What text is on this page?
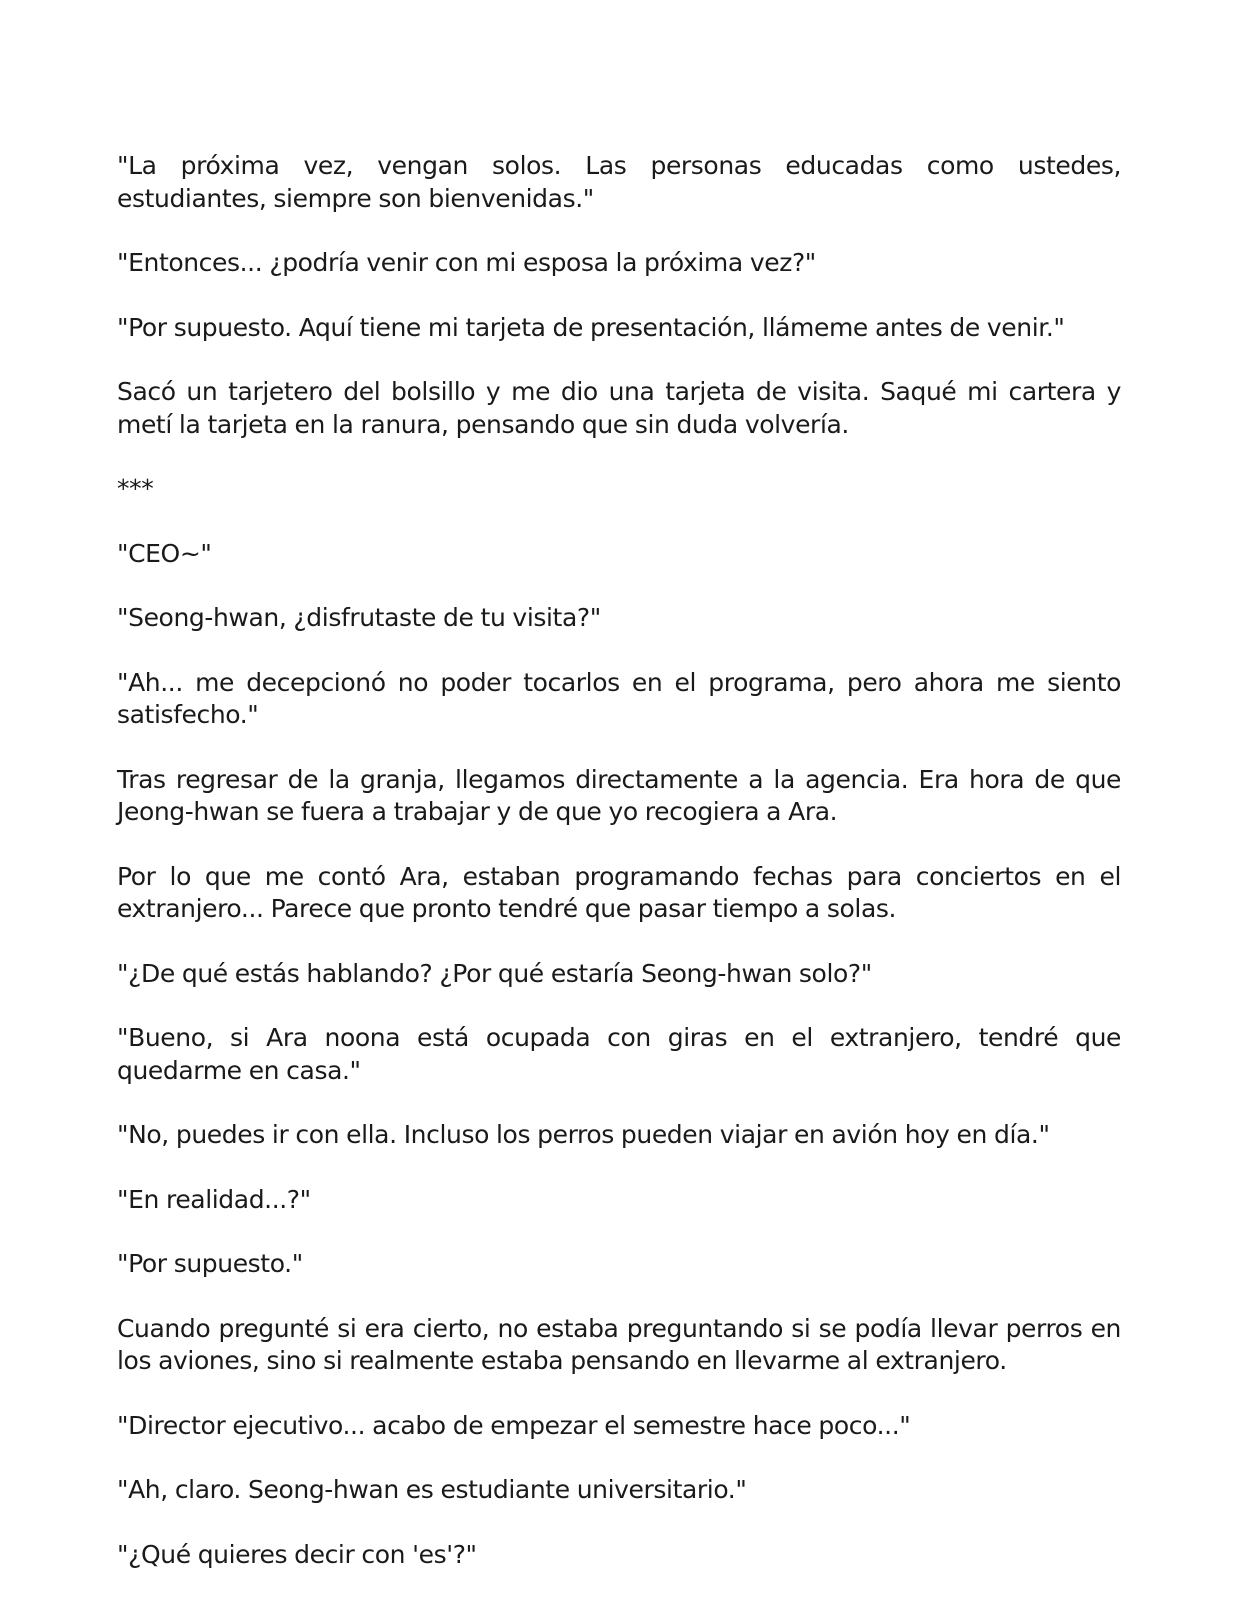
"La próxima vez, vengan solos. Las personas educadas como ustedes, estudiantes, siempre son bienvenidas."

"Entonces... ¿podría venir con mi esposa la próxima vez?"

"Por supuesto. Aquí tiene mi tarjeta de presentación, llámeme antes de venir."

Sacó un tarjetero del bolsillo y me dio una tarjeta de visita. Saqué mi cartera y metí la tarjeta en la ranura, pensando que sin duda volvería.

***

"CEO~"

"Seong-hwan, ¿disfrutaste de tu visita?"

"Ah... me decepcionó no poder tocarlos en el programa, pero ahora me siento satisfecho."

Tras regresar de la granja, llegamos directamente a la agencia. Era hora de que Jeong-hwan se fuera a trabajar y de que yo recogiera a Ara.

Por lo que me contó Ara, estaban programando fechas para conciertos en el extranjero... Parece que pronto tendré que pasar tiempo a solas.

"¿De qué estás hablando? ¿Por qué estaría Seong-hwan solo?"

"Bueno, si Ara noona está ocupada con giras en el extranjero, tendré que quedarme en casa."

"No, puedes ir con ella. Incluso los perros pueden viajar en avión hoy en día."

"En realidad...?"

"Por supuesto."

Cuando pregunté si era cierto, no estaba preguntando si se podía llevar perros en los aviones, sino si realmente estaba pensando en llevarme al extranjero.

"Director ejecutivo... acabo de empezar el semestre hace poco..."

"Ah, claro. Seong-hwan es estudiante universitario."

"¿Qué quieres decir con 'es'?"
